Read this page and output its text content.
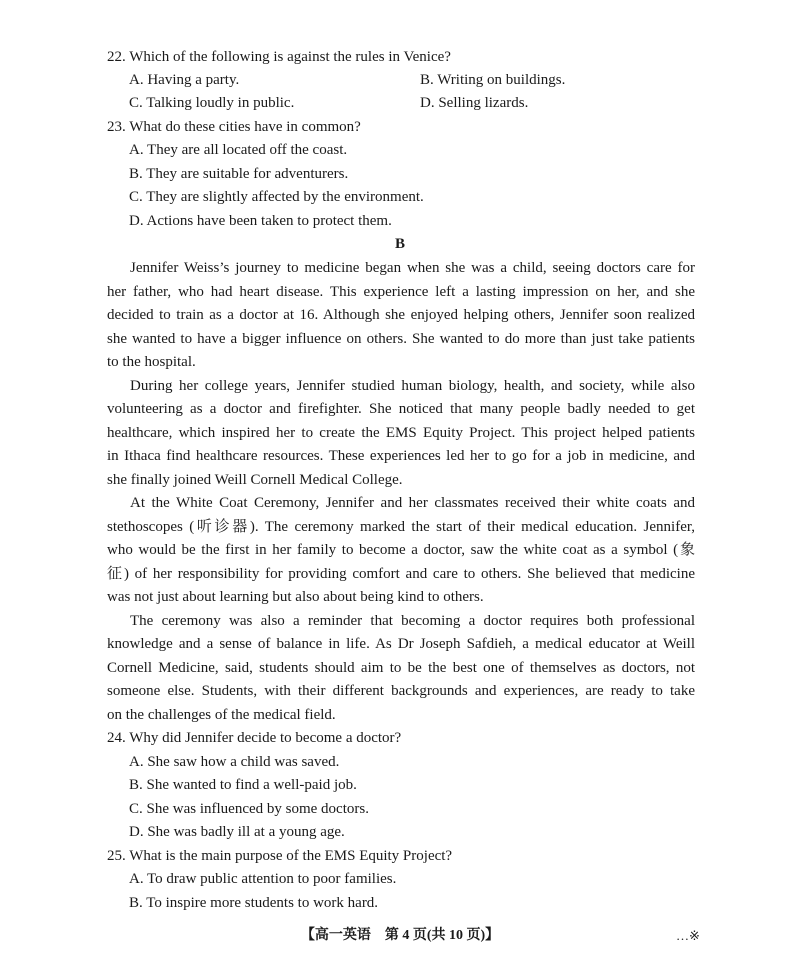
22. Which of the following is against the rules in Venice?
A. Having a party.	B. Writing on buildings.
C. Talking loudly in public.	D. Selling lizards.
23. What do these cities have in common?
A. They are all located off the coast.
B. They are suitable for adventurers.
C. They are slightly affected by the environment.
D. Actions have been taken to protect them.
B
Jennifer Weiss’s journey to medicine began when she was a child, seeing doctors care for
her father, who had heart disease. This experience left a lasting impression on her, and she
decided to train as a doctor at 16. Although she enjoyed helping others, Jennifer soon realized
she wanted to have a bigger influence on others. She wanted to do more than just take patients
to the hospital.
During her college years, Jennifer studied human biology, health, and society, while also
volunteering as a doctor and firefighter. She noticed that many people badly needed to get
healthcare, which inspired her to create the EMS Equity Project. This project helped patients
in Ithaca find healthcare resources. These experiences led her to go for a job in medicine, and
she finally joined Weill Cornell Medical College.
At the White Coat Ceremony, Jennifer and her classmates received their white coats and
stethoscopes (听诊器). The ceremony marked the start of their medical education. Jennifer,
who would be the first in her family to become a doctor, saw the white coat as a symbol (象
征) of her responsibility for providing comfort and care to others. She believed that medicine
was not just about learning but also about being kind to others.
The ceremony was also a reminder that becoming a doctor requires both professional
knowledge and a sense of balance in life. As Dr Joseph Safdieh, a medical educator at Weill
Cornell Medicine, said, students should aim to be the best one of themselves as doctors, not
someone else. Students, with their different backgrounds and experiences, are ready to take
on the challenges of the medical field.
24. Why did Jennifer decide to become a doctor?
A. She saw how a child was saved.
B. She wanted to find a well-paid job.
C. She was influenced by some doctors.
D. She was badly ill at a young age.
25. What is the main purpose of the EMS Equity Project?
A. To draw public attention to poor families.
B. To inspire more students to work hard.
【高一英语　第 4 页(共 10 页)】	…※
